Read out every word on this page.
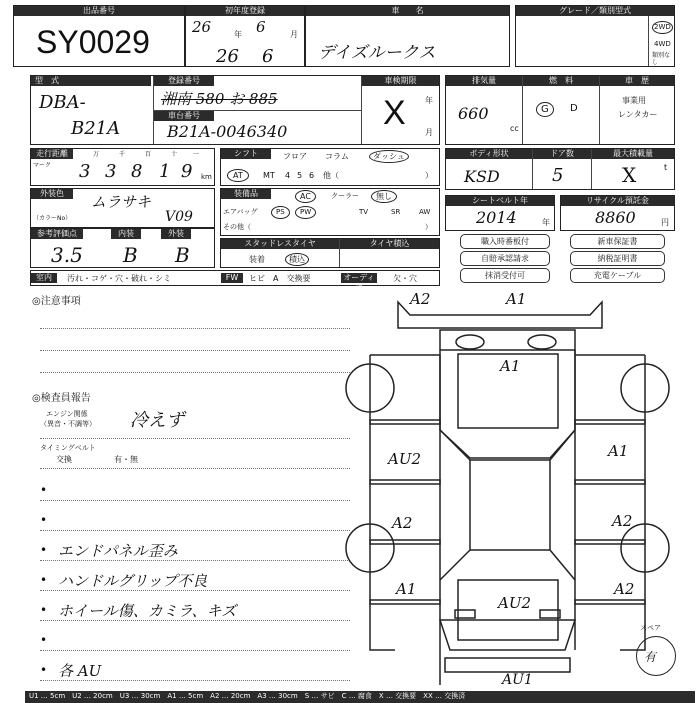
出品番号
SY0029
初年度登録
26	年 6	月
26 6
車　　名
デイズルークス
グレード／類別型式
2WD
4WD
類別なし
型　式
DBA-
B21A
登録番号
湘南 580 お 885
車台番号
B21A-0046340
車検期限
年
月
X
排気量
660
cc
燃　料
G	D
車　歴
事業用
レンタカー
走行距離
マーク
万	千	百	十	一
3 3 8 1 9 km
シフト	フロア コラム	ダッシュ
AT	MT 4 5 6 他（	）
ボディ形状
KSD
ドア数
5
最大積載量
X	t
外装色
（カラーNo）
ムラサキ
V09
装備品	AC	クーラー	無し
エアバッグ	PS	PW	TV	SR	AW
その他（	）
シートベルト年
2014	年
リサイクル預託金
8860	円
参考評価点	内装	外装
3.5 B B	スタッドレスタイヤ
装着	積込
タイヤ積込	職入時番板付
自賠承認請求
抹消受付可
新車保証書
納税証明書
充電ケーブル
室内	汚れ・コゲ・穴・破れ・シミ	FW	ヒビ　A　交換要	オーディオ
欠・穴
◎注意事項
◎検査員報告
エンジン関係
（異音・不調等） 冷えず
タイミングベルト
交換	有・無
•
•
• エンドパネル歪み
• ハンドルグリップ不良
• ホイール傷、カミラ、キズ
•
• 各 AU
A2	A1
A1
AU2	A1
A2	A2
A1	A2
AU2
AU1
スペア
有
U1 … 5cm　U2 … 20cm　U3 … 30cm　A1 … 5cm　A2 … 20cm　A3 … 30cm　S … サビ　C … 腐食　X … 交換要　XX … 交換済
